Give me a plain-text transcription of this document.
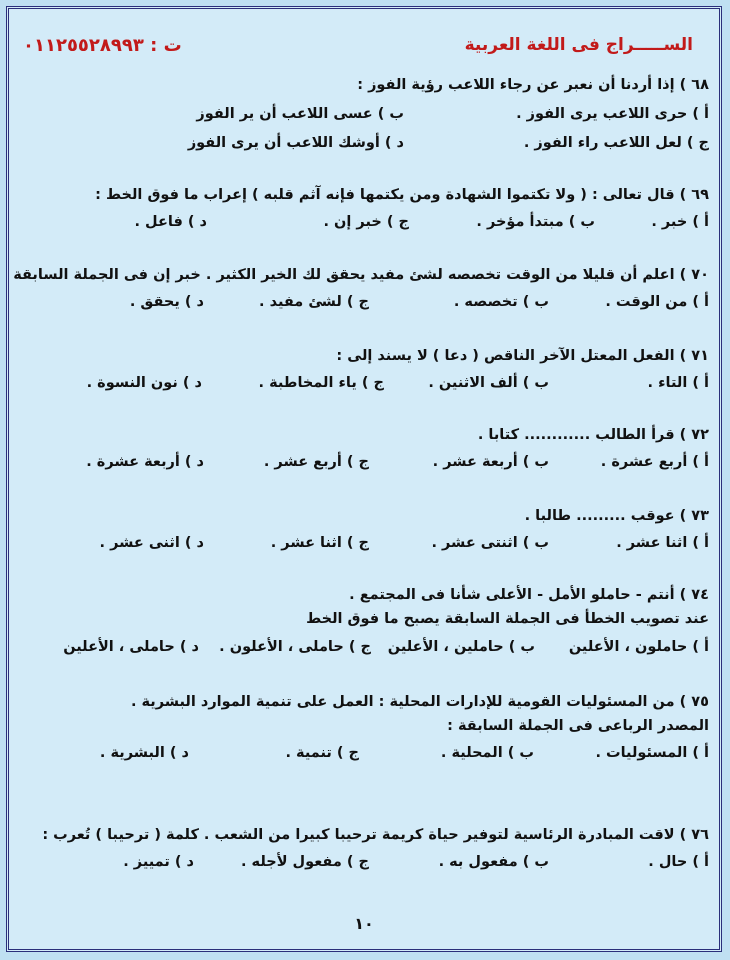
الســـــراج فى اللغة العربية
ت : ٠١١٢٥٥٢٨٩٩٣
٦٨ ) إذا أردنا أن نعبر عن رجاء اللاعب رؤية الفوز :
أ ) حرى اللاعب يرى الفوز .
ب ) عسى اللاعب أن ير الفوز
ج ) لعل اللاعب راء الفوز .
د ) أوشك اللاعب أن يرى الفوز
٦٩ ) قال تعالى : ( ولا تكتموا الشهادة ومن يكتمها فإنه آثم قلبه ) إعراب ما فوق الخط :
أ ) خبر .
ب ) مبتدأ مؤخر .
ج ) خبر إن .
د ) فاعل .
٧٠ ) اعلم أن قليلا من الوقت تخصصه لشئ مفيد يحقق لك الخير الكثير . خبر إن فى الجملة السابقة
أ ) من الوقت .
ب ) تخصصه .
ج ) لشئ مفيد .
د ) يحقق .
٧١ ) الفعل المعتل الآخر الناقص ( دعا ) لا يسند إلى :
أ ) التاء .
ب ) ألف الاثنين .
ج ) ياء المخاطبة .
د ) نون النسوة .
٧٢ ) قرأ الطالب ............ كتابا .
أ ) أربع عشرة .
ب ) أربعة عشر .
ج ) أربع عشر .
د ) أربعة عشرة .
٧٣ ) عوقب ......... طالبا .
أ ) اثنا عشر .
ب ) اثنتى عشر .
ج ) اثنا عشر .
د ) اثنى عشر .
٧٤ ) أنتم - حاملو الأمل - الأعلى شأنا فى المجتمع .
عند تصويب الخطأ فى الجملة السابقة يصبح ما فوق الخط
أ ) حاملون ، الأعلين
ب ) حاملين ، الأعلين
ج ) حاملى ، الأعلون .
د ) حاملى ، الأعلين
٧٥ ) من المسئوليات القومية للإدارات المحلية : العمل على تنمية الموارد البشرية .
المصدر الرباعى فى الجملة السابقة :
أ ) المسئوليات .
ب ) المحلية .
ج ) تنمية .
د ) البشرية .
٧٦ ) لاقت المبادرة الرئاسية لتوفير حياة كريمة ترحيبا كبيرا من الشعب . كلمة ( ترحيبا ) تُعرب :
أ ) حال .
ب ) مفعول به .
ج ) مفعول لأجله .
د ) تمييز .
١٠
